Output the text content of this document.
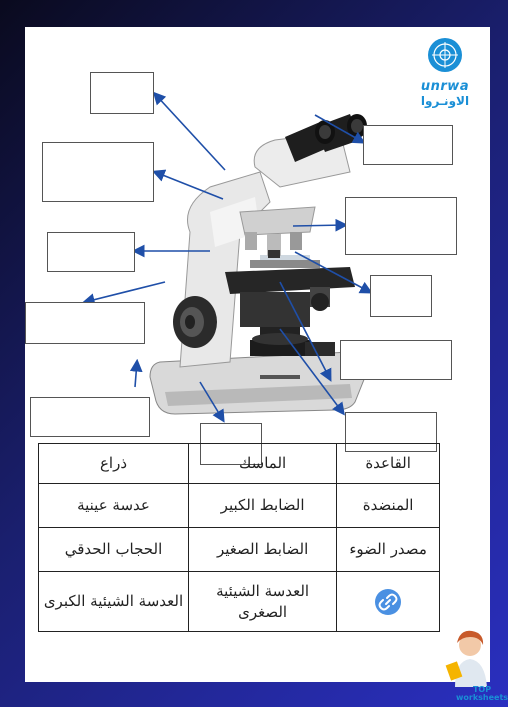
unrwa
الاونـروا
القاعدة	الماسك	ذراع
المنضدة	الضابط الكبير	عدسة عينية
مصدر الضوء	الضابط الصغير	الحجاب الحدقي
	العدسة الشيئية الصغرى	العدسة الشيئية الكبرى
TOP
worksheets
